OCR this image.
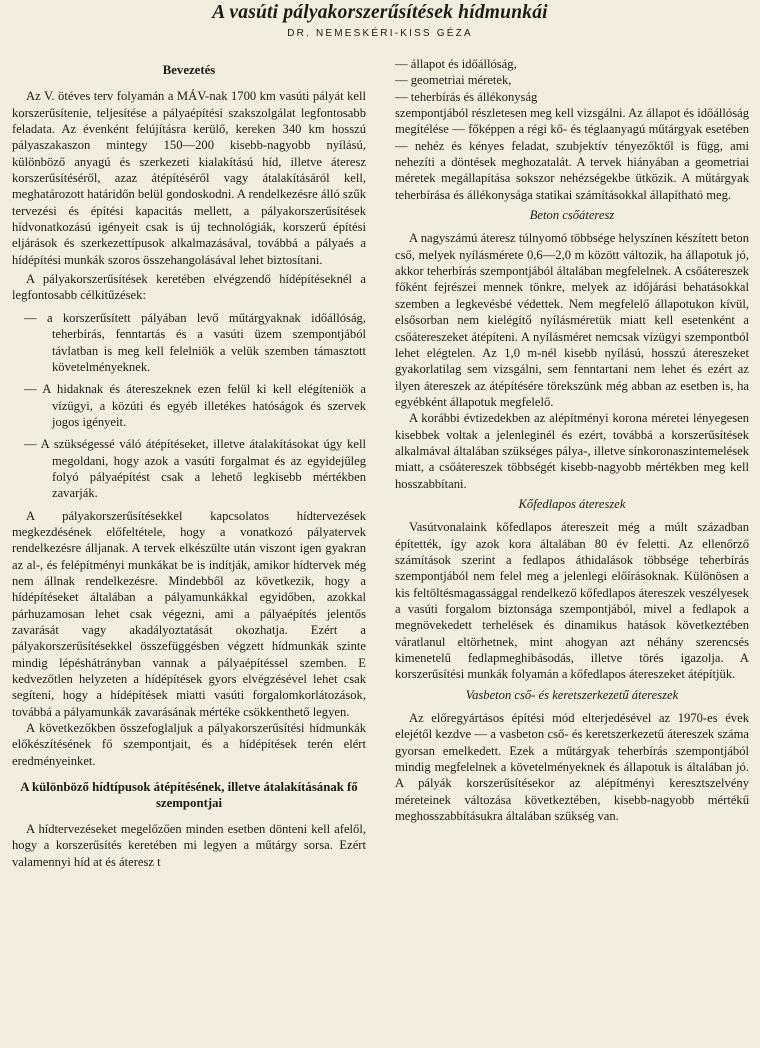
A vasúti pályakorszerűsítések hídmunkái
DR. NEMESKÉRI-KISS GÉZA
Bevezetés

Az V. ötéves terv folyamán a MÁV-nak 1700 km vasúti pályát kell korszerűsítenie, teljesítése a pályaépítési szakszolgálat legfontosabb feladata. Az évenként felújításra kerülő, kereken 340 km hosszú pályaszakaszon mintegy 150—200 kisebb-nagyobb nyílású, különböző anyagú és szerkezeti kialakítású híd, illetve áteresz korszerűsítéséről, azaz átépítéséről vagy átalakításáról kell, meghatározott határidőn belül gondoskodni. A rendelkezésre álló szűk tervezési és építési kapacitás mellett, a pályakorszerűsítések hídvonatkozású igényeit csak is új technológiák, korszerű építési eljárások és szerkezettípusok alkalmazásával, továbbá a pályaés a hídépítési munkák szoros összehangolásával lehet biztosítani.

A pályakorszerűsítések keretében elvégzendő hídépítéseknél a legfontosabb célkitűzések:

— a korszerűsített pályában levő műtárgyaknak időállóság, teherbírás, fenntartás és a vasúti üzem szempontjából távlatban is meg kell felelniök a velük szemben támasztott követelményeknek.
— A hidaknak és átereszeknek ezen felül ki kell elégíteniök a vízügyi, a közúti és egyéb illetékes hatóságok és szervek jogos igényeit.
— A szükségessé váló átépítéseket, illetve átalakításokat úgy kell megoldani, hogy azok a vasúti forgalmat és az egyidejűleg folyó pályaépítést csak a lehető legkisebb mértékben zavarják.

A pályakorszerűsítésekkel kapcsolatos hídtervezések megkezdésének előfeltétele, hogy a vonatkozó pályatervek rendelkezésre álljanak. A tervek elkészülte után viszont igen gyakran az al-, és felépítményi munkákat be is indítják, amikor hídtervek még nem állnak rendelkezésre. Mindebből az következik, hogy a hídépítéseket általában a pályamunkákkal egyidőben, azokkal párhuzamosan lehet csak végezni, ami a pályaépítés jelentős zavarását vagy akadályoztatását okozhatja. Ezért a pályakorszerűsítésekkel összefüggésben végzett hídmunkák szinte mindig lépéshátrányban vannak a pályaépítéssel szemben. E kedvezőtlen helyzeten a hídépítések gyors elvégzésével lehet csak segíteni, hogy a hídépítések miatti vasúti forgalomkorlátozások, továbbá a pályamunkák zavarásának mértéke csökkenthető legyen.

A következőkben összefoglaljuk a pályakorszerűsítési hídmunkák előkészítésének fő szempontjait, és a hídépítések terén elért eredményeinket.

A különböző hídtípusok átépítésének, illetve átalakításának fő szempontjai

A hídtervezéseket megelőzően minden esetben dönteni kell afelől, hogy a korszerűsítés keretében mi legyen a műtárgy sorsa. Ezért valamennyi híd at és áteresz t

— állapot és időállóság,
— geometriai méretek,
— teherbírás és állékonyság

szempontjából részletesen meg kell vizsgálni. Az állapot és időállóság megítélése — főképpen a régi kő- és téglaanyagú műtárgyak esetében — nehéz és kényes feladat, szubjektív tényezőktől is függ, ami nehezíti a döntések meghozatalát. A tervek hiányában a geometriai méretek megállapítása sokszor nehézségekbe ütközik. A műtárgyak teherbírása és állékonysága statikai számításokkal állapítható meg.

Beton csőáteresz

A nagyszámú áteresz túlnyomó többsége helyszínen készített beton cső, melyek nyílásmérete 0,6—2,0 m között változik, ha állapotuk jó, akkor teherbírás szempontjából általában megfelelnek. A csőátereszek főként fejrészei mennek tönkre, melyek az időjárási behatásokkal szemben a legkevésbé védettek. Nem megfelelő állapotukon kívül, elsősorban nem kielégítő nyílásméretük miatt kell esetenként a csőátereszeket átépíteni. A nyílásméret nemcsak vízügyi szempontból lehet elégtelen. Az 1,0 m-nél kisebb nyílású, hosszú átereszeket gyakorlatilag sem vizsgálni, sem fenntartani nem lehet és ezért az ilyen átereszek az átépítésére törekszünk még abban az esetben is, ha egyébként állapotuk megfelelő.

A korábbi évtizedekben az alépítményi korona méretei lényegesen kisebbek voltak a jelenleginél és ezért, továbbá a korszerűsítések alkalmával általában szükséges pálya-, illetve sínkoronaszintemelések miatt, a csőátereszek többségét kisebb-nagyobb mértékben meg kell hosszabbítani.

Kőfedlapos átereszek

Vasútvonalaink kőfedlapos átereszeit még a múlt században építették, így azok kora általában 80 év feletti. Az ellenőrző számítások szerint a fedlapos áthidalások többsége teherbírás szempontjából nem felel meg a jelenlegi előírásoknak. Különösen a kis feltöltésmagassággal rendelkező kőfedlapos átereszek veszélyesek a vasúti forgalom biztonsága szempontjából, mivel a fedlapok a megnövekedett terhelések és dinamikus hatások következtében váratlanul eltörhetnek, mint ahogyan azt néhány szerencsés kimenetelű fedlapmeghibásodás, illetve törés igazolja. A korszerűsítési munkák folyamán a kőfedlapos átereszeket átépítjük.

Vasbeton cső- és keretszerkezetű átereszek

Az előregyártásos építési mód elterjedésével az 1970-es évek elejétől kezdve — a vasbeton cső- és keretszerkezetű átereszek száma gyorsan emelkedett. Ezek a műtárgyak teherbírás szempontjából mindig megfelelnek a követelményeknek és állapotuk is általában jó. A pályák korszerűsítésekor az alépítményi keresztszelvény méreteinek változása következtében, kisebb-nagyobb mértékű meghosszabbításukra általában szükség van.
